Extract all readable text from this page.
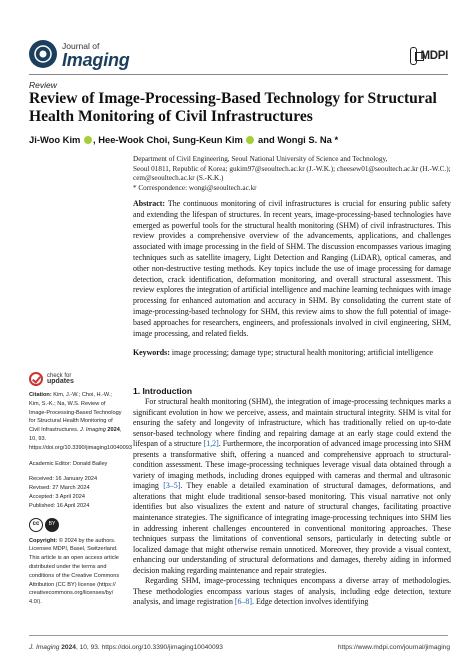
Journal of
Imaging	MDPI
Review
Review of Image-Processing-Based Technology for Structural Health Monitoring of Civil Infrastructures
Ji-Woo Kim , Hee-Wook Choi, Sung-Keun Kim and Wongi S. Na *
Department of Civil Engineering, Seoul National University of Science and Technology,
Seoul 01811, Republic of Korea; gukim97@seoultech.ac.kr (J.-W.K.); cheesew01@seoultech.ac.kr (H.-W.C.);
cem@seoultech.ac.kr (S.-K.K.)
* Correspondence: wongi@seoultech.ac.kr
Abstract: The continuous monitoring of civil infrastructures is crucial for ensuring public safety and extending the lifespan of structures. In recent years, image-processing-based technologies have emerged as powerful tools for the structural health monitoring (SHM) of civil infrastructures. This review provides a comprehensive overview of the advancements, applications, and challenges associated with image processing in the field of SHM. The discussion encompasses various imaging techniques such as satellite imagery, Light Detection and Ranging (LiDAR), optical cameras, and other non-destructive testing methods. Key topics include the use of image processing for damage detection, crack identification, deformation monitoring, and overall structural assessment. This review explores the integration of artificial intelligence and machine learning techniques with image processing for enhanced automation and accuracy in SHM. By consolidating the current state of image-processing-based technology for SHM, this review aims to show the full potential of image-based approaches for researchers, engineers, and professionals involved in civil engineering, SHM, image processing, and related fields.
Keywords: image processing; damage type; structural health monitoring; artificial intelligence
check for
updates
Citation: Kim, J.-W.; Choi, H.-W.; Kim, S.-K.; Na, W.S. Review of Image-Processing-Based Technology for Structural Health Monitoring of Civil Infrastructures. J. Imaging 2024, 10, 93. https://doi.org/10.3390/jimaging10040093
Academic Editor: Donald Bailey
Received: 16 January 2024
Revised: 27 March 2024
Accepted: 3 April 2024
Published: 16 April 2024
cc	BY
Copyright: © 2024 by the authors. Licensee MDPI, Basel, Switzerland. This article is an open access article distributed under the terms and conditions of the Creative Commons Attribution (CC BY) license (https:// creativecommons.org/licenses/by/ 4.0/).
1. Introduction

For structural health monitoring (SHM), the integration of image-processing techniques marks a significant evolution in how we perceive, assess, and maintain structural integrity. SHM is vital for ensuring the safety and longevity of infrastructure, which has traditionally relied on up-to-date sensor-based technology where finding and repairing damage at an early stage could extend the lifespan of a structure [1,2]. Furthermore, the incorporation of advanced image processing into SHM presents a transformative shift, offering a nuanced and comprehensive approach to structural-condition assessment. These image-processing techniques leverage visual data obtained through a variety of imaging methods, including drones equipped with cameras and thermal and ultrasonic imaging [3–5]. They enable a detailed examination of structural damages, deformations, and alterations that might elude traditional sensor-based monitoring. This visual narrative not only identifies but also visualizes the extent and nature of structural changes, facilitating proactive maintenance strategies. The significance of integrating image-processing techniques into SHM lies in addressing inherent challenges encountered in conventional monitoring approaches. These techniques surpass the limitations of conventional sensors, particularly in detecting subtle or localized damage that might otherwise remain unnoticed. Moreover, they provide a visual context, enhancing our understanding of structural deformations and damages, thereby aiding in informed decision making regarding maintenance and repair strategies.

Regarding SHM, image-processing techniques encompass a diverse array of methodologies. These methodologies encompass various stages of analysis, including edge detection, texture analysis, and image registration [6–8]. Edge detection involves identifying

J. Imaging 2024, 10, 93. https://doi.org/10.3390/jimaging10040093	https://www.mdpi.com/journal/jimaging
